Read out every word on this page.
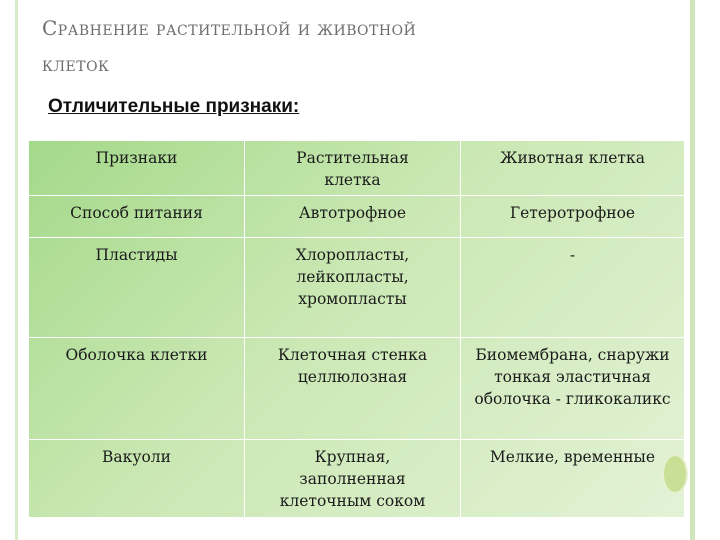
Сравнение растительной и животной
клеток
Отличительные признаки:
Признаки	Растительная клетка	Животная клетка
Способ питания	Автотрофное	Гетеротрофное
Пластиды	Хлоропласты, лейкопласты, хромопласты	-
Оболочка клетки	Клеточная стенка целлюлозная	Биомембрана, снаружи тонкая эластичная оболочка - гликокаликс
Вакуоли	Крупная, заполненная клеточным соком	Мелкие, временные
